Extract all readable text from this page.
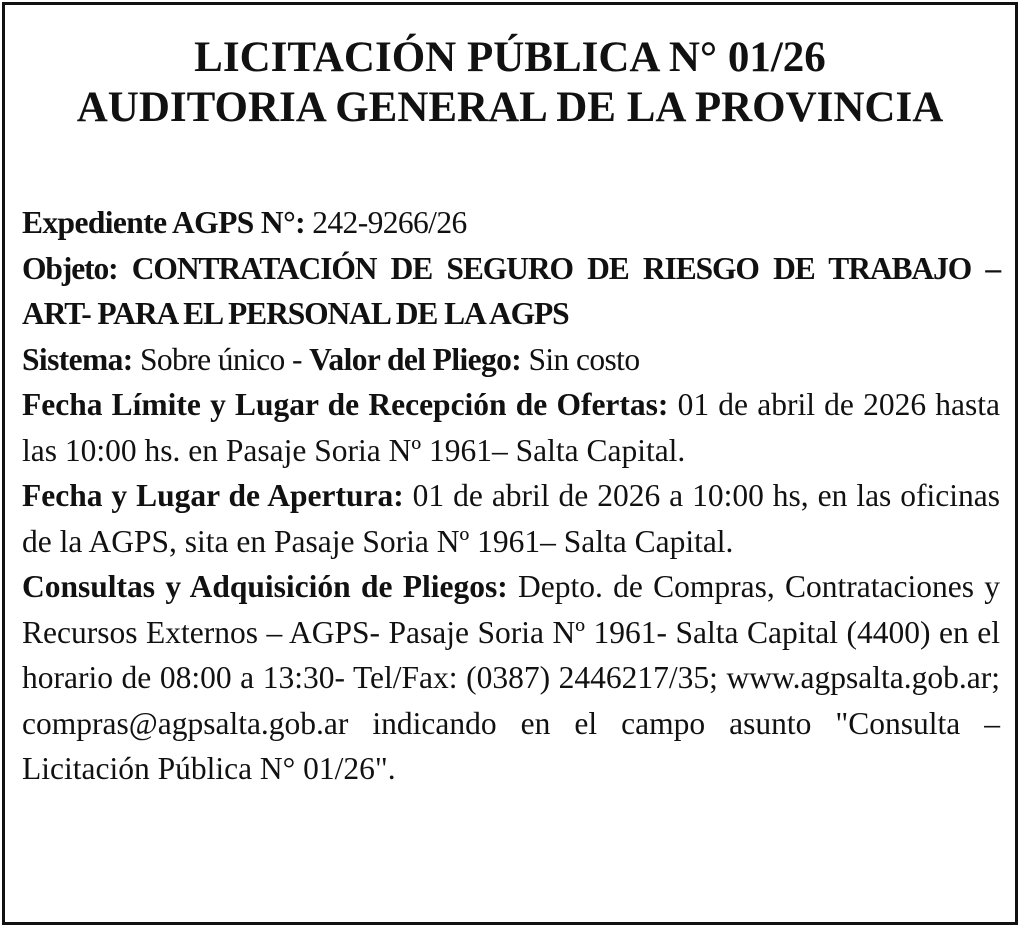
LICITACIÓN PÚBLICA N° 01/26
AUDITORIA GENERAL DE LA PROVINCIA

Expediente AGPS N°: 242-9266/26

Objeto: CONTRATACIÓN DE SEGURO DE RIESGO DE TRABAJO –ART- PARA EL PERSONAL DE LA AGPS

Sistema: Sobre único - Valor del Pliego: Sin costo

Fecha Límite y Lugar de Recepción de Ofertas: 01 de abril de 2026 hasta las 10:00 hs. en Pasaje Soria Nº 1961– Salta Capital.

Fecha y Lugar de Apertura: 01 de abril de 2026 a 10:00 hs, en las oficinas de la AGPS, sita en Pasaje Soria Nº 1961– Salta Capital.

Consultas y Adquisición de Pliegos: Depto. de Compras, Contrataciones y Recursos Externos – AGPS- Pasaje Soria Nº 1961- Salta Capital (4400) en el horario de 08:00 a 13:30- Tel/Fax: (0387) 2446217/35; www.agpsalta.gob.ar; compras@agpsalta.gob.ar indicando en el campo asunto "Consulta – Licitación Pública N° 01/26".
